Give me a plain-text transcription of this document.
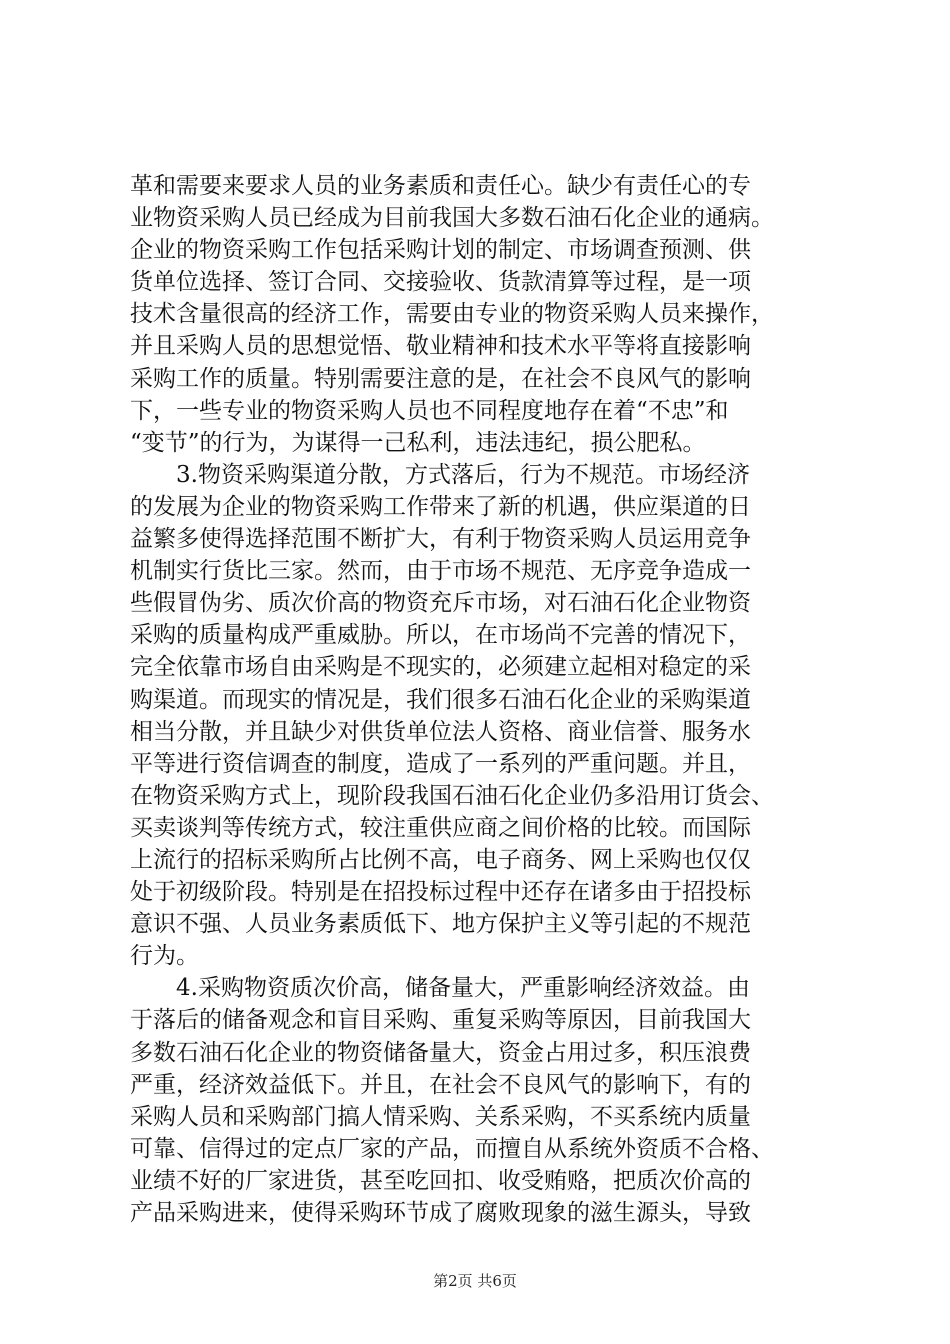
革和需要来要求人员的业务素质和责任心。缺少有责任心的专
业物资采购人员已经成为目前我国大多数石油石化企业的通病。
企业的物资采购工作包括采购计划的制定、市场调查预测、供
货单位选择、签订合同、交接验收、货款清算等过程，是一项
技术含量很高的经济工作，需要由专业的物资采购人员来操作，
并且采购人员的思想觉悟、敬业精神和技术水平等将直接影响
采购工作的质量。特别需要注意的是，在社会不良风气的影响
下，一些专业的物资采购人员也不同程度地存在着“不忠”和
“变节”的行为，为谋得一己私利，违法违纪，损公肥私。
3.物资采购渠道分散，方式落后，行为不规范。市场经济
的发展为企业的物资采购工作带来了新的机遇，供应渠道的日
益繁多使得选择范围不断扩大，有利于物资采购人员运用竞争
机制实行货比三家。然而，由于市场不规范、无序竞争造成一
些假冒伪劣、质次价高的物资充斥市场，对石油石化企业物资
采购的质量构成严重威胁。所以，在市场尚不完善的情况下，
完全依靠市场自由采购是不现实的，必须建立起相对稳定的采
购渠道。而现实的情况是，我们很多石油石化企业的采购渠道
相当分散，并且缺少对供货单位法人资格、商业信誉、服务水
平等进行资信调查的制度，造成了一系列的严重问题。并且，
在物资采购方式上，现阶段我国石油石化企业仍多沿用订货会、
买卖谈判等传统方式，较注重供应商之间价格的比较。而国际
上流行的招标采购所占比例不高，电子商务、网上采购也仅仅
处于初级阶段。特别是在招投标过程中还存在诸多由于招投标
意识不强、人员业务素质低下、地方保护主义等引起的不规范
行为。
4.采购物资质次价高，储备量大，严重影响经济效益。由
于落后的储备观念和盲目采购、重复采购等原因，目前我国大
多数石油石化企业的物资储备量大，资金占用过多，积压浪费
严重，经济效益低下。并且，在社会不良风气的影响下，有的
采购人员和采购部门搞人情采购、关系采购，不买系统内质量
可靠、信得过的定点厂家的产品，而擅自从系统外资质不合格、
业绩不好的厂家进货，甚至吃回扣、收受贿赂，把质次价高的
产品采购进来，使得采购环节成了腐败现象的滋生源头，导致
第2页 共6页
